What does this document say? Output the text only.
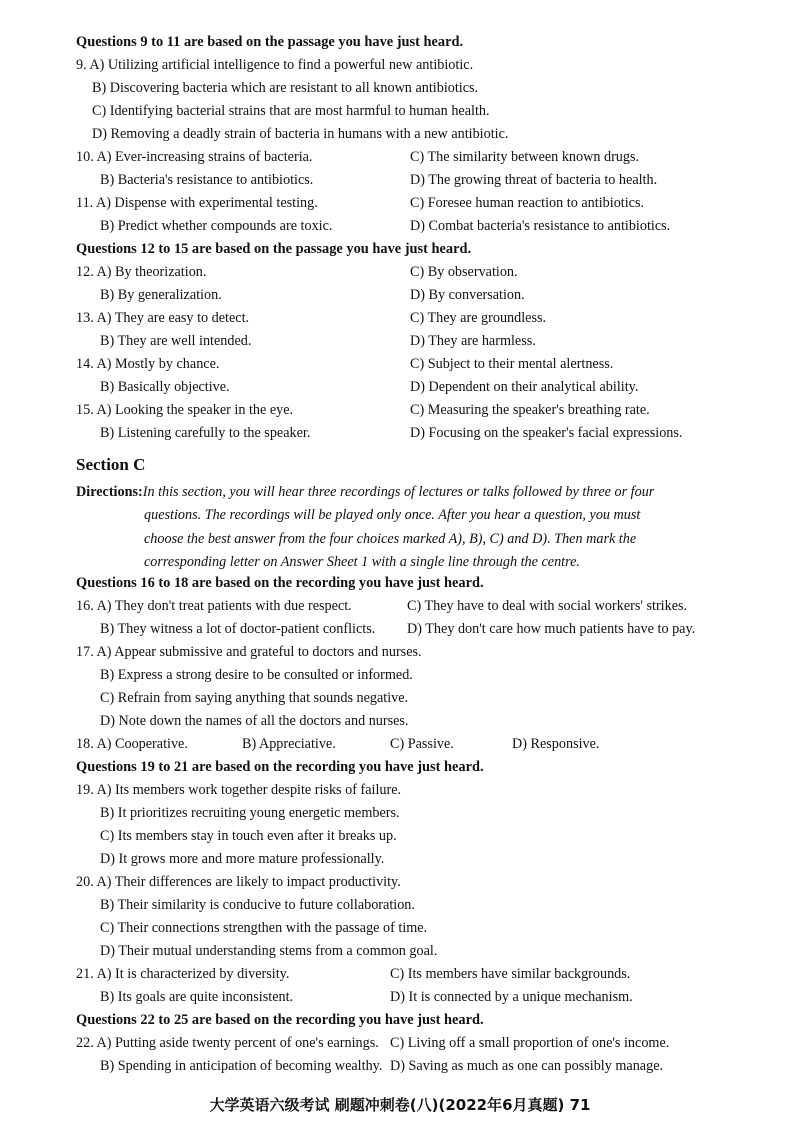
Questions 9 to 11 are based on the passage you have just heard.
9. A) Utilizing artificial intelligence to find a powerful new antibiotic.
B) Discovering bacteria which are resistant to all known antibiotics.
C) Identifying bacterial strains that are most harmful to human health.
D) Removing a deadly strain of bacteria in humans with a new antibiotic.
10. A) Ever-increasing strains of bacteria.	C) The similarity between known drugs.
B) Bacteria's resistance to antibiotics.	D) The growing threat of bacteria to health.
11. A) Dispense with experimental testing.	C) Foresee human reaction to antibiotics.
B) Predict whether compounds are toxic.	D) Combat bacteria's resistance to antibiotics.
Questions 12 to 15 are based on the passage you have just heard.
12. A) By theorization.	C) By observation.
B) By generalization.	D) By conversation.
13. A) They are easy to detect.	C) They are groundless.
B) They are well intended.	D) They are harmless.
14. A) Mostly by chance.	C) Subject to their mental alertness.
B) Basically objective.	D) Dependent on their analytical ability.
15. A) Looking the speaker in the eye.	C) Measuring the speaker's breathing rate.
B) Listening carefully to the speaker.	D) Focusing on the speaker's facial expressions.
Section C
Directions:In this section, you will hear three recordings of lectures or talks followed by three or four
questions. The recordings will be played only once. After you hear a question, you must
choose the best answer from the four choices marked A), B), C) and D). Then mark the
corresponding letter on Answer Sheet 1 with a single line through the centre.
Questions 16 to 18 are based on the recording you have just heard.
16. A) They don't treat patients with due respect.	C) They have to deal with social workers' strikes.
B) They witness a lot of doctor-patient conflicts. D) They don't care how much patients have to pay.
17. A) Appear submissive and grateful to doctors and nurses.
B) Express a strong desire to be consulted or informed.
C) Refrain from saying anything that sounds negative.
D) Note down the names of all the doctors and nurses.
18. A) Cooperative.	B) Appreciative.	C) Passive.	D) Responsive.
Questions 19 to 21 are based on the recording you have just heard.
19. A) Its members work together despite risks of failure.
B) It prioritizes recruiting young energetic members.
C) Its members stay in touch even after it breaks up.
D) It grows more and more mature professionally.
20. A) Their differences are likely to impact productivity.
B) Their similarity is conducive to future collaboration.
C) Their connections strengthen with the passage of time.
D) Their mutual understanding stems from a common goal.
21. A) It is characterized by diversity.	C) Its members have similar backgrounds.
B) Its goals are quite inconsistent.	D) It is connected by a unique mechanism.
Questions 22 to 25 are based on the recording you have just heard.
22. A) Putting aside twenty percent of one's earnings. C) Living off a small proportion of one's income.
B) Spending in anticipation of becoming wealthy. D) Saving as much as one can possibly manage.
大学英语六级考试 刷题冲刺卷(八)(2022年6月真题) 71
